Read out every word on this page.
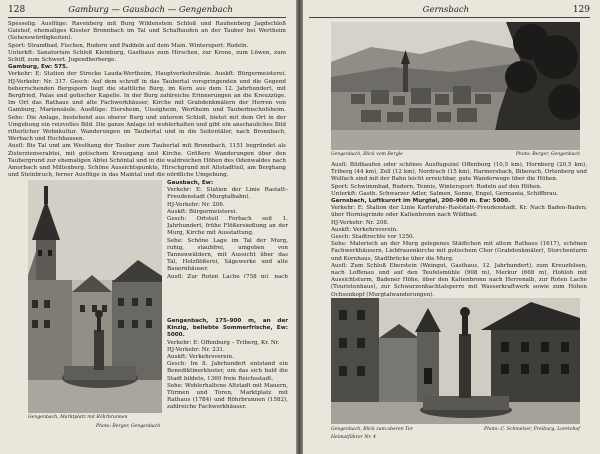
128	Gamburg — Gausbach — Gengenbach

Spesselig. Ausflüge: Ravenberg mit Burg Wildenstein Schloß und Rauhenberg Jagdschloß Gaishof, ehemaliges Kloster Bronnbach im Tal und Schafhaufen an der Tauber bei Wertheim (Sehenswürdigkeiten).

Sport: Strandbad, Fischen, Rudern und Paddeln auf dem Main. Wintersport: Rodeln.

Unterkft: Sanatorium Schloß Kleinburg, Gasthaus zum Hirschen, zur Krone, zum Löwen, zum Schiff, zum Schwert. Jugendherberge.

Gamburg, Ew: 575.

Verkehr: E: Station der Strecke Lauda-Wertheim, Hauptverkehrslinie. Auskft: Bürgermeisterei. HJ-Verkehr: Nr. 317. Gesch: Auf dem schroff in das Taubertal vorspringenden und die Gegend beherrschenden Bergsporn liegt die stattliche Burg, im Kern aus dem 12. Jahrhundert, mit Bergfried, Palas und gotischer Kapelle. In der Burg zahlreiche Erinnerungen an die Kreuzzüge. Im Ort das Rathaus und alte Fachwerkhäuser, Kirche mit Grabdenkmälern der Herren von Gamburg, Mariensäule. Ausflüge: Eiersheim, Uissigheim, Wertheim und Tauberbischofsheim. Sehe: Die Anlage, bestehend aus oberer Burg und unterem Schloß, bietet mit dem Ort in der Umgebung ein reizvolles Bild. Die ganze Anlage ist wohlerhalten und gibt ein anschauliches Bild ritterlicher Wohnkultur. Wanderungen im Taubertal und in die Seitentäler, nach Bronnbach, Werbach und Hochhausen.

Ausfl: Bis Tal und am Westhang der Tauber zum Taubertal mit Bronnbach, 1151 begründet als Zisterzienserabtei, mit gotischem Kreuzgang und Kirche. Größere Wanderungen über den Taubergrund zur ehemaligen Abtei Schöntal und in die waldreichen Höhen des Odenwaldes nach Amorbach und Miltenberg. Schöne Aussichtspunkte, Hirschgrund mit Altstadtteil, am Berghang und Steinbruch, ferner Ausflüge in das Maintal und die nördliche Umgebung.

Gengenbach, Marktplatz mit Röhrbrunnen
Photo: Berger, Gengenbach

Gausbach, Ew:

Verkehr: E: Station der Linie Rastatt–Freudenstadt (Murgtalbahn).

HJ-Verkehr: Nr. 206.

Auskft: Bürgermeisterei.

Gesch: Ortsteil Forbach seit 1. Jahrhundert, frühe Flößersiedlung an der Murg, Kirche mit Ausstattung.

Sehe: Schöne Lage im Tal der Murg, ruhig, staubfrei, umgeben von Tannenwäldern, mit Aussicht über das Tal, Holzflößerei, Sägewerke und alte Bauernhäuser.

Ausfl: Zur Roten Lache (758 m), nach

Gengenbach, 175–900 m, an der Kinzig, beliebte Sommerfrische, Ew: 5000.

Verkehr: E: Offenburg – Triberg, Kr. Nr.

HJ-Verkehr: Nr. 231.

Auskft: Verkehrsverein.

Gesch: Im 8. Jahrhundert entstand ein Benediktinerkloster, um das sich bald die Stadt bildete, 1360 freie Reichsstadt.

Sehe: Wohlerhaltene Altstadt mit Mauern, Türmen und Toren, Marktplatz mit Rathaus (1784) und Röhrbrunnen (1582), zahlreiche Fachwerkhäuser.

Gernsbach	129
Gengenbach, Blick vom Bergle	Photo: Berger, Gengenbach

Ausfl: Bildhaufen oder schönes Ausflugsziel Offenburg (10,5 km), Hornberg (20,5 km), Triberg (44 km), Zell (12 km), Nordrach (15 km), Harmersbach, Biberach, Ortenberg und Wolfach sind mit der Bahn leicht erreichbar, gute Wanderwege über die Höhen.

Sport: Schwimmbad, Rudern, Tennis, Wintersport: Rodeln auf den Höhen.

Unterkft: Gasth. Schwarzer Adler, Salmen, Sonne, Engel, Germania, Schiffbrau.

Gernsbach, Luftkurort im Murgtal, 200–900 m. Ew: 5000.

Verkehr: E: Station der Linie Karlsruhe–Raststatt–Freudenstadt, Kr. Nach Baden-Baden; über Hornisgrinde oder Kaltenbronn nach Wildbad.

HJ-Verkehr: Nr. 208.

Auskft: Verkehrsverein.

Gesch: Stadtrechte vor 1250.

Sehe: Malerisch an der Murg gelegenes Städtchen mit altem Rathaus (1617), schönen Fachwerkhäusern, Liebfrauenkirche mit gotischem Chor (Grabdenkmäler), Storchenturm und Kornhaus, Stadtbrücke über die Murg.

Ausfl: Zum Schloß Eberstein (Weingut, Gasthaus, 12. Jahrhundert), zum Kreuzfelsen, nach Loffenau und auf den Teufelsmühle (908 m), Merkur (668 m), Hohloh mit Aussichtsturm, Badener Höhe, über den Kaltenbronn nach Herrenalb, zur Roten Lache (Touristenhaus), zur Schwarzenbachtalsperre mit Wasserkraftwerk sowie zum Hohen Ochsenkopf (Murgtalwanderungen).

Gengenbach, Blick zum oberen Tor	Photo: C. Schmelzer, Freiburg, Loretohof
Heimatführer Nr. 4
